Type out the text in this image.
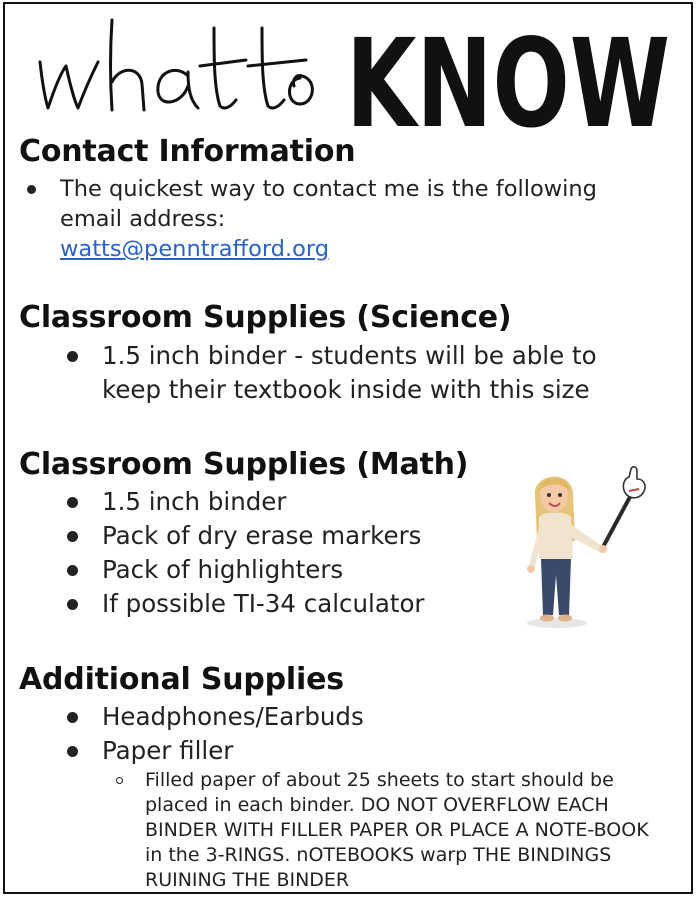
KNOW
Contact Information
The quickest way to contact me is the following
email address:
watts@penntrafford.org
Classroom Supplies (Science)
1.5 inch binder - students will be able to
keep their textbook inside with this size
Classroom Supplies (Math)
1.5 inch binder
Pack of dry erase markers
Pack of highlighters
If possible TI-34 calculator
Additional Supplies
Headphones/Earbuds
Paper filler
Filled paper of about 25 sheets to start should be
placed in each binder. DO NOT OVERFLOW EACH
BINDER WITH FILLER PAPER OR PLACE A NOTE-BOOK
in the 3-RINGS. nOTEBOOKS warp THE BINDINGS
RUINING THE BINDER
